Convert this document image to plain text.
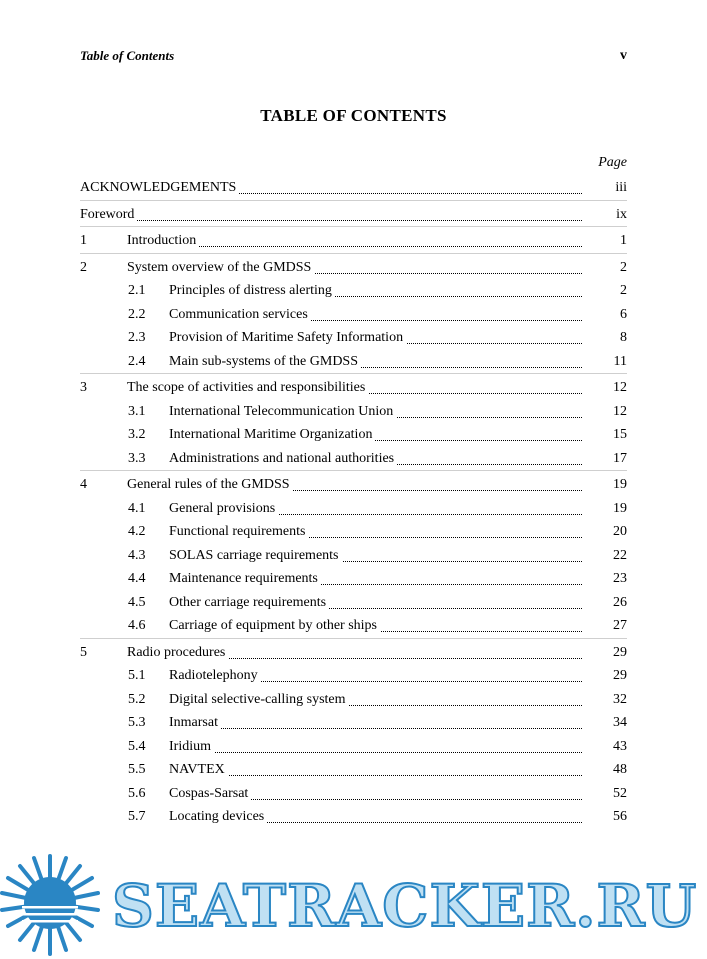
Table of Contents	v
TABLE OF CONTENTS
Page
ACKNOWLEDGEMENTS	iii
Foreword	ix
1	Introduction	1
2	System overview of the GMDSS	2
2.1 Principles of distress alerting	2
2.2 Communication services	6
2.3 Provision of Maritime Safety Information	8
2.4 Main sub-systems of the GMDSS	11
3	The scope of activities and responsibilities	12
3.1 International Telecommunication Union	12
3.2 International Maritime Organization	15
3.3 Administrations and national authorities	17
4	General rules of the GMDSS	19
4.1 General provisions	19
4.2 Functional requirements	20
4.3 SOLAS carriage requirements	22
4.4 Maintenance requirements	23
4.5 Other carriage requirements	26
4.6 Carriage of equipment by other ships	27
5	Radio procedures	29
5.1 Radiotelephony	29
5.2 Digital selective-calling system	32
5.3 Inmarsat	34
5.4 Iridium	43
5.5 NAVTEX	48
5.6 Cospas-Sarsat	52
5.7 Locating devices	56
SEATRACKER.RU
